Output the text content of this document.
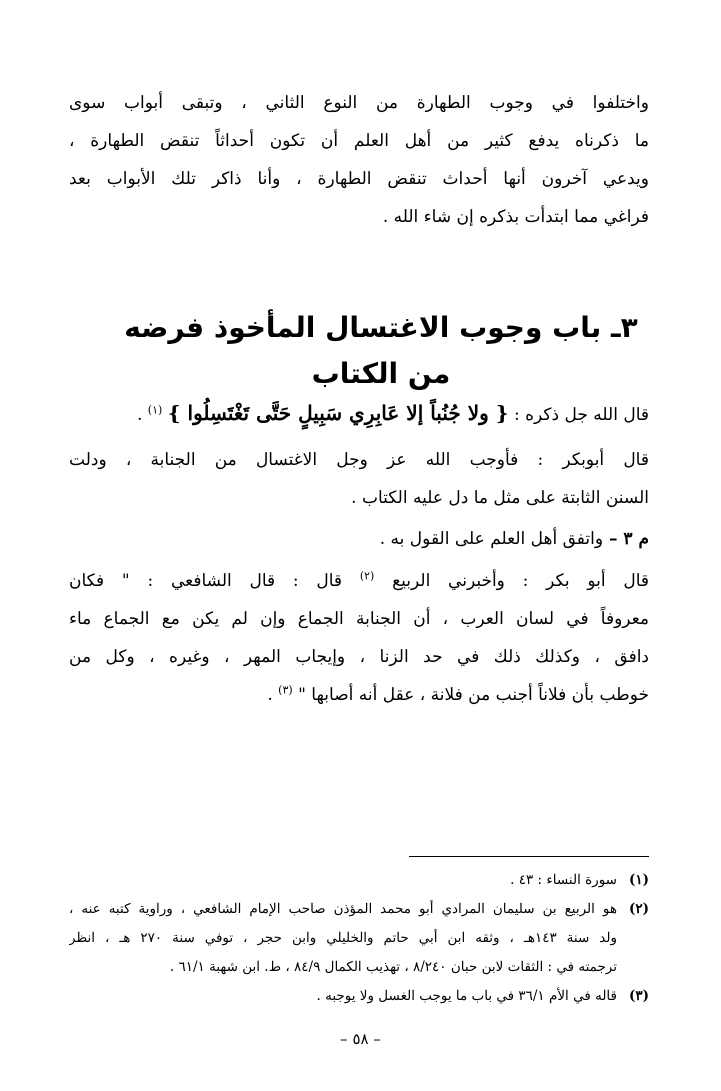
واختلفوا في وجوب الطهارة من النوع الثاني ، وتبقى أبواب سوى
ما ذكرناه يدفع كثير من أهل العلم أن تكون أحداثاً تنقض الطهارة ،
ويدعي آخرون أنها أحداث تنقض الطهارة ، وأنا ذاكر تلك الأبواب بعد
فراغي مما ابتدأت بذكره إن شاء الله .
٣ـ باب وجوب الاغتسال المأخوذ فرضه من الكتاب
قال الله جل ذكره : { ولا جُنُباً إلا عَابِرِي سَبِيلٍ حَتَّى تَغْتَسِلُوا } $^{(١)}$ .
قال أبوبكر : فأوجب الله عز وجل الاغتسال من الجنابة ، ودلت
السنن الثابتة على مثل ما دل عليه الكتاب .
م ٣ – واتفق أهل العلم على القول به .
قال أبو بكر : وأخبرني الربيع $^{(٢)}$ قال : قال الشافعي : " فكان
معروفاً في لسان العرب ، أن الجنابة الجماع وإن لم يكن مع الجماع ماء
دافق ، وكذلك ذلك في حد الزنا ، وإيجاب المهر ، وغيره ، وكل من
خوطب بأن فلاناً أجنب من فلانة ، عقل أنه أصابها " $^{(٣)}$ .
(١)
سورة النساء : ٤٣ .
(٢)
هو الربيع بن سليمان المرادي أبو محمد المؤذن صاحب الإمام الشافعي ، وراوية كتبه عنه ،
ولد سنة ١٤٣هـ ، وثقه ابن أبي حاتم والخليلي وابن حجر ، توفي سنة ٢٧٠ هـ ، انظر
ترجمته في : الثقات لابن حبان ٨/٢٤٠ ، تهذيب الكمال ٨٤/٩ ، ط. ابن شهبة ٦١/١ .
(٣)
قاله في الأم ٣٦/١ في باب ما يوجب الغسل ولا يوجبه .
– ٥٨ –
